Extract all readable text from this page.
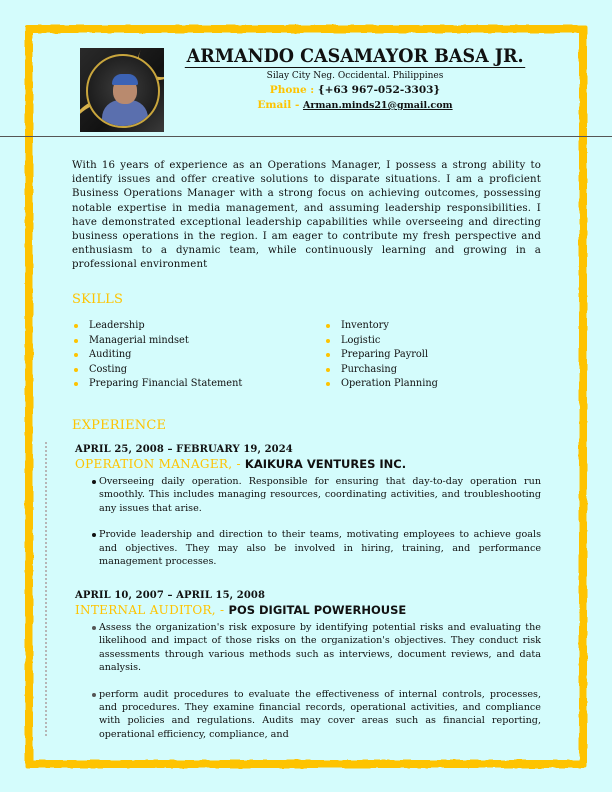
ARMANDO CASAMAYOR BASA JR.
Silay City Neg. Occidental. Philippines
Phone : {+63 967-052-3303}
Email - Arman.minds21@gmail.com

With 16 years of experience as an Operations Manager, I possess a strong ability to identify issues and offer creative solutions to disparate situations. I am a proficient Business Operations Manager with a strong focus on achieving outcomes, possessing notable expertise in media management, and assuming leadership responsibilities. I have demonstrated exceptional leadership capabilities while overseeing and directing business operations in the region. I am eager to contribute my fresh perspective and enthusiasm to a dynamic team, while continuously learning and growing in a professional environment

SKILLS
Leadership
Managerial mindset
Auditing
Costing
Preparing Financial Statement
Inventory
Logistic
Preparing Payroll
Purchasing
Operation Planning
EXPERIENCE
APRIL 25, 2008 – FEBRUARY 19, 2024
OPERATION MANAGER, - KAIKURA VENTURES INC.
Overseeing daily operation. Responsible for ensuring that day-to-day operation run smoothly. This includes managing resources, coordinating activities, and troubleshooting any issues that arise.
Provide leadership and direction to their teams, motivating employees to achieve goals and objectives. They may also be involved in hiring, training, and performance management processes.
APRIL 10, 2007 – APRIL 15, 2008
INTERNAL AUDITOR, - POS DIGITAL POWERHOUSE
Assess the organization's risk exposure by identifying potential risks and evaluating the likelihood and impact of those risks on the organization's objectives. They conduct risk assessments through various methods such as interviews, document reviews, and data analysis.
perform audit procedures to evaluate the effectiveness of internal controls, processes, and procedures. They examine financial records, operational activities, and compliance with policies and regulations. Audits may cover areas such as financial reporting, operational efficiency, compliance, and
